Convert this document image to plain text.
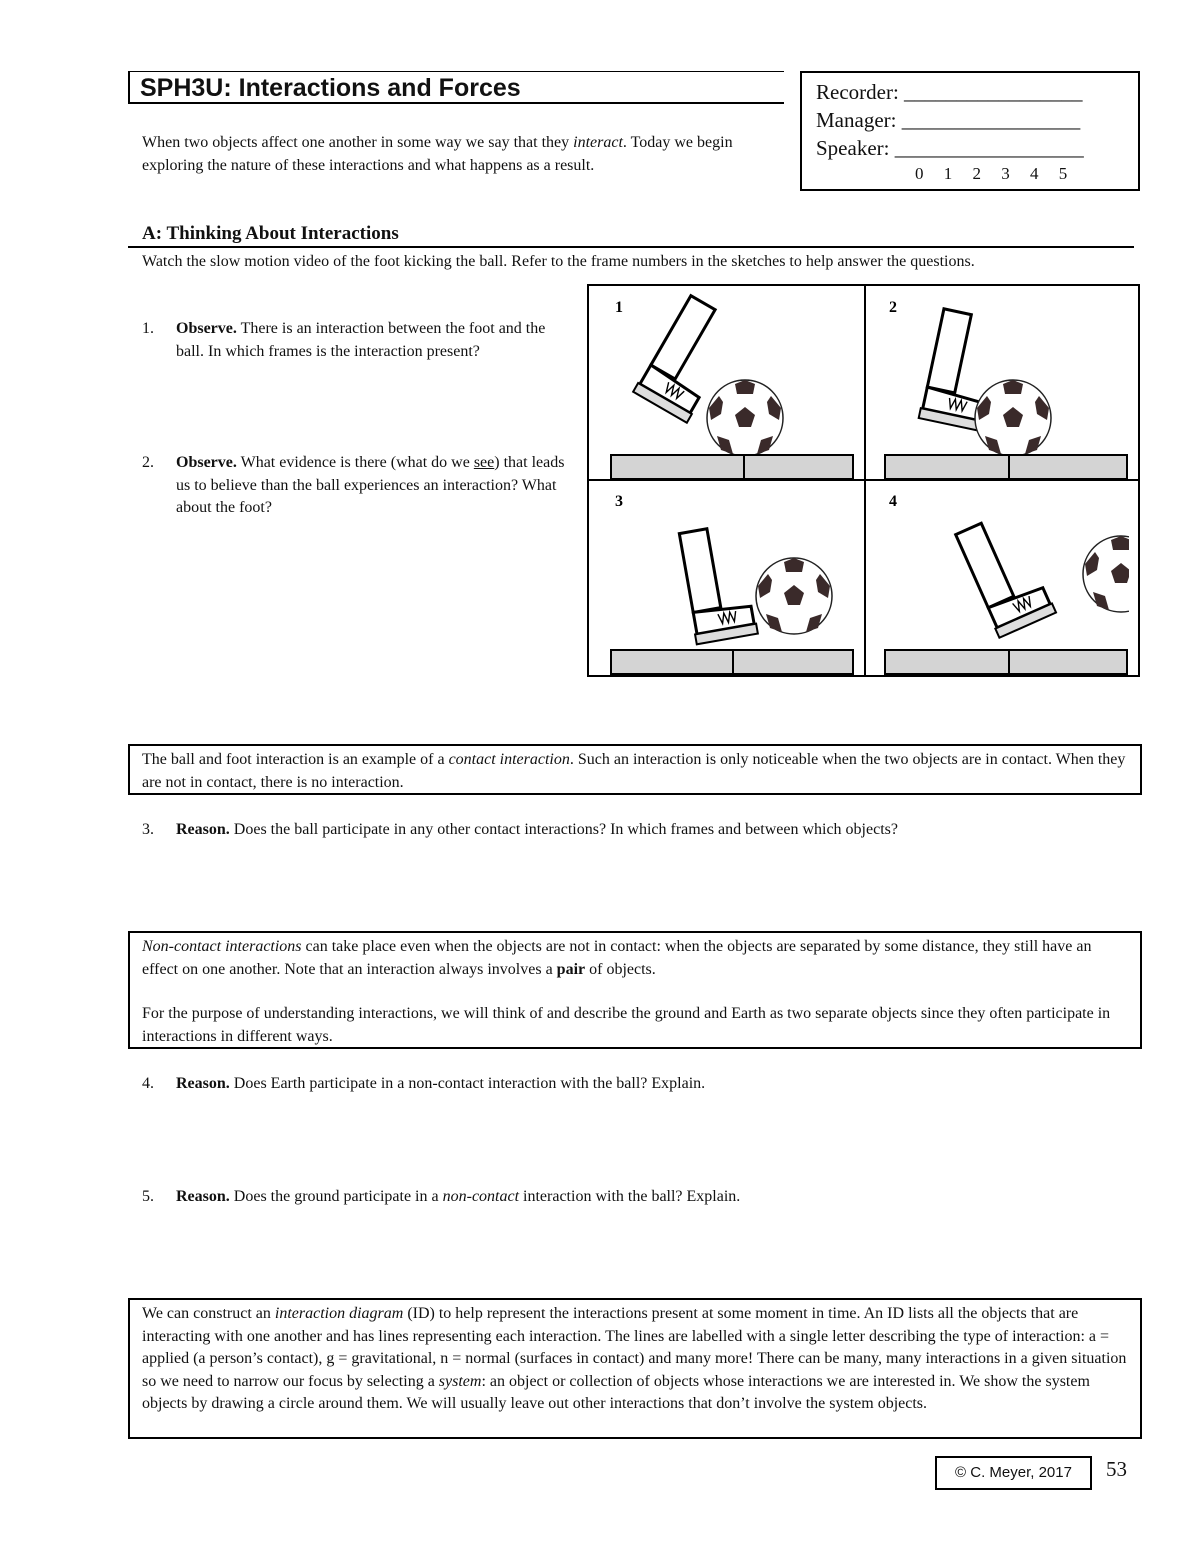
SPH3U: Interactions and Forces	Recorder: _________________
Manager: _________________
Speaker: __________________
0 1 2 3 4 5
When two objects affect one another in some way we say that they interact. Today we begin exploring the nature of these interactions and what happens as a result.
A: Thinking About Interactions
Watch the slow motion video of the foot kicking the ball. Refer to the frame numbers in the sketches to help answer the questions.
1. Observe. There is an interaction between the foot and the ball. In which frames is the interaction present?
2. Observe. What evidence is there (what do we see) that leads us to believe than the ball experiences an interaction? What about the foot?
1	2
3	4
The ball and foot interaction is an example of a contact interaction. Such an interaction is only noticeable when the two objects are in contact. When they are not in contact, there is no interaction.
3. Reason. Does the ball participate in any other contact interactions? In which frames and between which objects?
Non-contact interactions can take place even when the objects are not in contact: when the objects are separated by some distance, they still have an effect on one another. Note that an interaction always involves a pair of objects.
For the purpose of understanding interactions, we will think of and describe the ground and Earth as two separate objects since they often participate in interactions in different ways.
4. Reason. Does Earth participate in a non-contact interaction with the ball? Explain.
5. Reason. Does the ground participate in a non-contact interaction with the ball? Explain.
We can construct an interaction diagram (ID) to help represent the interactions present at some moment in time. An ID lists all the objects that are interacting with one another and has lines representing each interaction. The lines are labelled with a single letter describing the type of interaction: a = applied (a person’s contact), g = gravitational, n = normal (surfaces in contact) and many more! There can be many, many interactions in a given situation so we need to narrow our focus by selecting a system: an object or collection of objects whose interactions we are interested in. We show the system objects by drawing a circle around them. We will usually leave out other interactions that don’t involve the system objects.
© C. Meyer, 2017	53
